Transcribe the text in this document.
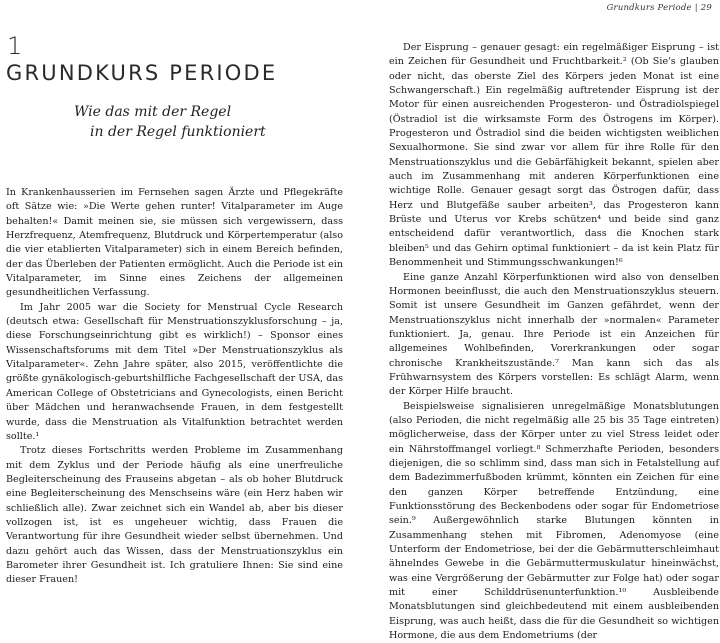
Grundkurs Periode | 29
1
GRUNDKURS PERIODE
Wie das mit der Regel
in der Regel funktioniert

In Krankenhausserien im Fernsehen sagen Ärzte und Pflegekräfte oft Sätze wie: »Die Werte gehen runter! Vitalparameter im Auge behalten!« Damit meinen sie, sie müssen sich vergewissern, dass Herzfrequenz, Atemfrequenz, Blutdruck und Körpertemperatur (also die vier etablierten Vitalparameter) sich in einem Bereich befinden, der das Überleben der Patienten ermöglicht. Auch die Periode ist ein Vitalparameter, im Sinne eines Zeichens der allgemeinen gesundheitlichen Verfassung.

Im Jahr 2005 war die Society for Menstrual Cycle Research (deutsch etwa: Gesellschaft für Menstruationszyklusforschung – ja, diese Forschungseinrichtung gibt es wirklich!) – Sponsor eines Wissenschaftsforums mit dem Titel »Der Menstruationszyklus als Vitalparameter«. Zehn Jahre später, also 2015, veröffentlichte die größte gynäkologisch-geburtshilfliche Fachgesellschaft der USA, das American College of Obstetricians and Gynecologists, einen Bericht über Mädchen und heranwachsende Frauen, in dem festgestellt wurde, dass die Menstruation als Vitalfunktion betrachtet werden sollte.¹

Trotz dieses Fortschritts werden Probleme im Zusammenhang mit dem Zyklus und der Periode häufig als eine unerfreuliche Begleiterscheinung des Frauseins abgetan – als ob hoher Blutdruck eine Begleiterscheinung des Menschseins wäre (ein Herz haben wir schließlich alle). Zwar zeichnet sich ein Wandel ab, aber bis dieser vollzogen ist, ist es ungeheuer wichtig, dass Frauen die Verantwortung für ihre Gesundheit wieder selbst übernehmen. Und dazu gehört auch das Wissen, dass der Menstruationszyklus ein Barometer ihrer Gesundheit ist. Ich gratuliere Ihnen: Sie sind eine dieser Frauen!

Der Eisprung – genauer gesagt: ein regelmäßiger Eisprung – ist ein Zeichen für Gesundheit und Fruchtbarkeit.² (Ob Sie's glauben oder nicht, das oberste Ziel des Körpers jeden Monat ist eine Schwangerschaft.) Ein regelmäßig auftretender Eisprung ist der Motor für einen ausreichenden Progesteron- und Östradiolspiegel (Östradiol ist die wirksamste Form des Östrogens im Körper). Progesteron und Östradiol sind die beiden wichtigsten weiblichen Sexualhormone. Sie sind zwar vor allem für ihre Rolle für den Menstruationszyklus und die Gebärfähigkeit bekannt, spielen aber auch im Zusammenhang mit anderen Körperfunktionen eine wichtige Rolle. Genauer gesagt sorgt das Östrogen dafür, dass Herz und Blutgefäße sauber arbeiten³, das Progesteron kann Brüste und Uterus vor Krebs schützen⁴ und beide sind ganz entscheidend dafür verantwortlich, dass die Knochen stark bleiben⁵ und das Gehirn optimal funktioniert – da ist kein Platz für Benommenheit und Stimmungsschwankungen!⁶

Eine ganze Anzahl Körperfunktionen wird also von denselben Hormonen beeinflusst, die auch den Menstruationszyklus steuern. Somit ist unsere Gesundheit im Ganzen gefährdet, wenn der Menstruationszyklus nicht innerhalb der »normalen« Parameter funktioniert. Ja, genau. Ihre Periode ist ein Anzeichen für allgemeines Wohlbefinden, Vorerkrankungen oder sogar chronische Krankheitszustände.⁷ Man kann sich das als Frühwarnsystem des Körpers vorstellen: Es schlägt Alarm, wenn der Körper Hilfe braucht.

Beispielsweise signalisieren unregelmäßige Monatsblutungen (also Perioden, die nicht regelmäßig alle 25 bis 35 Tage eintreten) möglicherweise, dass der Körper unter zu viel Stress leidet oder ein Nährstoffmangel vorliegt.⁸ Schmerzhafte Perioden, besonders diejenigen, die so schlimm sind, dass man sich in Fetalstellung auf dem Badezimmerfußboden krümmt, könnten ein Zeichen für eine den ganzen Körper betreffende Entzündung, eine Funktionsstörung des Beckenbodens oder sogar für Endometriose sein.⁹ Außergewöhnlich starke Blutungen könnten in Zusammenhang stehen mit Fibromen, Adenomyose (eine Unterform der Endometriose, bei der die Gebärmutterschleimhaut ähnelndes Gewebe in die Gebärmuttermuskulatur hineinwächst, was eine Vergrößerung der Gebärmutter zur Folge hat) oder sogar mit einer Schilddrüsenunterfunktion.¹⁰ Ausbleibende Monatsblutungen sind gleichbedeutend mit einem ausbleibenden Eisprung, was auch heißt, dass die für die Gesundheit so wichtigen Hormone, die aus dem Endometriums (der
